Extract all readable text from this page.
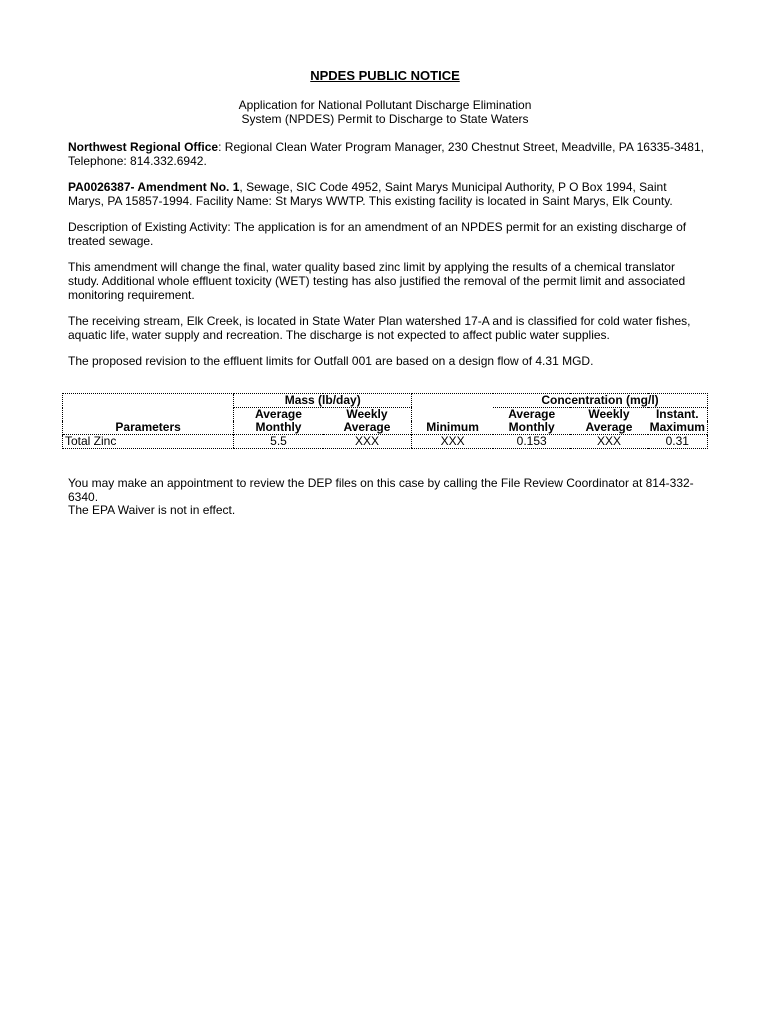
NPDES PUBLIC NOTICE
Application for National Pollutant Discharge Elimination
System (NPDES) Permit to Discharge to State Waters
Northwest Regional Office: Regional Clean Water Program Manager, 230 Chestnut Street, Meadville, PA 16335-3481, Telephone: 814.332.6942.
PA0026387- Amendment No. 1, Sewage, SIC Code 4952, Saint Marys Municipal Authority, P O Box 1994, Saint Marys, PA 15857-1994. Facility Name: St Marys WWTP. This existing facility is located in Saint Marys, Elk County.
Description of Existing Activity: The application is for an amendment of an NPDES permit for an existing discharge of treated sewage.
This amendment will change the final, water quality based zinc limit by applying the results of a chemical translator study. Additional whole effluent toxicity (WET) testing has also justified the removal of the permit limit and associated monitoring requirement.
The receiving stream, Elk Creek, is located in State Water Plan watershed 17-A and is classified for cold water fishes, aquatic life, water supply and recreation. The discharge is not expected to affect public water supplies.
The proposed revision to the effluent limits for Outfall 001 are based on a design flow of 4.31 MGD.
	Mass (lb/day)			Concentration (mg/l)		
	Average	Weekly		Average	Weekly	Instant.
Parameters	Monthly	Average	Minimum	Monthly	Average	Maximum
Total Zinc	5.5	XXX	XXX	0.153	XXX	0.31
You may make an appointment to review the DEP files on this case by calling the File Review Coordinator at 814-332-6340.
The EPA Waiver is not in effect.
